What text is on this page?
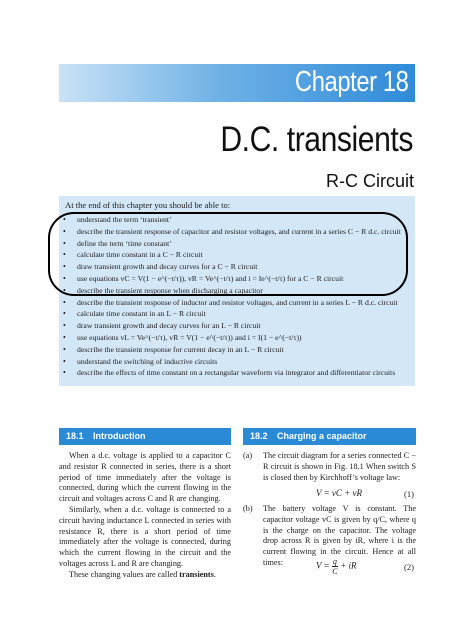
Chapter 18
D.C. transients
R-C Circuit
At the end of this chapter you should be able to:
• understand the term ‘transient’
• describe the transient response of capacitor and resistor voltages, and current in a series C − R d.c. circuit
• define the term ‘time constant’
• calculate time constant in a C − R circuit
• draw transient growth and decay curves for a C − R circuit
• use equations vC = V(1 − e^(−t/τ)), vR = Ve^(−t/τ) and i = Ie^(−t/τ) for a C − R circuit
• describe the transient response when discharging a capacitor
• describe the transient response of inductor and resistor voltages, and current in a series L − R d.c. circuit
• calculate time constant in an L − R circuit
• draw transient growth and decay curves for an L − R circuit
• use equations vL = Ve^(−t/τ), vR = V(1 − e^(−t/τ)) and i = I(1 − e^(−t/τ))
• describe the transient response for current decay in an L − R circuit
• understand the switching of inductive circuits
• describe the effects of time constant on a rectangular waveform via integrator and differentiator circuits
18.1 Introduction

When a d.c. voltage is applied to a capacitor C and resistor R connected in series, there is a short period of time immediately after the voltage is connected, during which the current flowing in the circuit and voltages across C and R are changing.

Similarly, when a d.c. voltage is connected to a circuit having inductance L connected in series with resistance R, there is a short period of time immediately after the voltage is connected, during which the current flowing in the circuit and the voltages across L and R are changing.

These changing values are called transients.

18.2 Charging a capacitor
(a) The circuit diagram for a series connected C − R circuit is shown in Fig. 18.1 When switch S is closed then by Kirchhoff’s voltage law:
V = vC + vR	(1)
(b) The battery voltage V is constant. The capacitor voltage vC is given by q/C, where q is the charge on the capacitor. The voltage drop across R is given by iR, where i is the current flowing in the circuit. Hence at all times:	$V = \frac{q}{C}$ + iR	(2)
